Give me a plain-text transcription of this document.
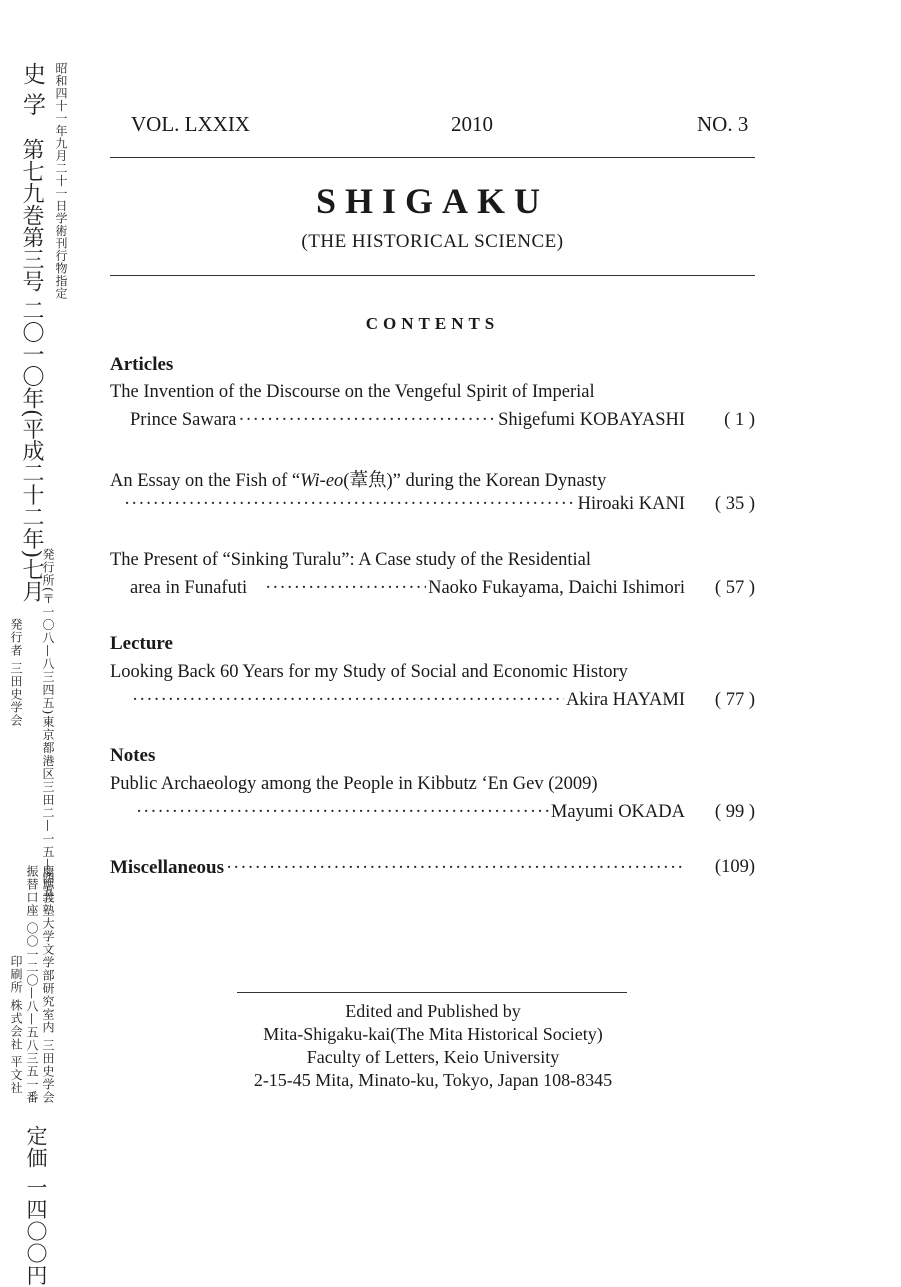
史 学

第七九巻第三号 二〇一〇年(平成二十二年)七月 昭和四十一年九月二十一日学術刊行物指定
発行所(〒一〇八—八三四五)東京都港区三田二—一五—四五
発行者 三田史学会
慶應義塾大学文学部研究室内 三田史学会
振替口座 〇〇一二〇—八—五八三五一番
印刷所 株式会社 平文社
定価 一四〇〇円
VOL. LXXIX	2010	NO. 3
SHIGAKU
(THE HISTORICAL SCIENCE)
CONTENTS
Articles
The Invention of the Discourse on the Vengeful Spirit of Imperial
Prince Sawara ·····	Shigefumi KOBAYASHI	( 1 )
An Essay on the Fish of “Wi-eo(葦魚)” during the Korean Dynasty
·····
Hiroaki KANI	( 35 )
The Present of “Sinking Turalu”: A Case study of the Residential
area in Funafuti ·····	Naoko Fukayama, Daichi Ishimori	( 57 )
Lecture
Looking Back 60 Years for my Study of Social and Economic History
·····
Akira HAYAMI	( 77 )
Notes
Public Archaeology among the People in Kibbutz ‘En Gev (2009)
·····
Mayumi OKADA	( 99 )
Miscellaneous ·····	(109)
Edited and Published by
Mita-Shigaku-kai(The Mita Historical Society)
Faculty of Letters, Keio University
2-15-45 Mita, Minato-ku, Tokyo, Japan 108-8345
